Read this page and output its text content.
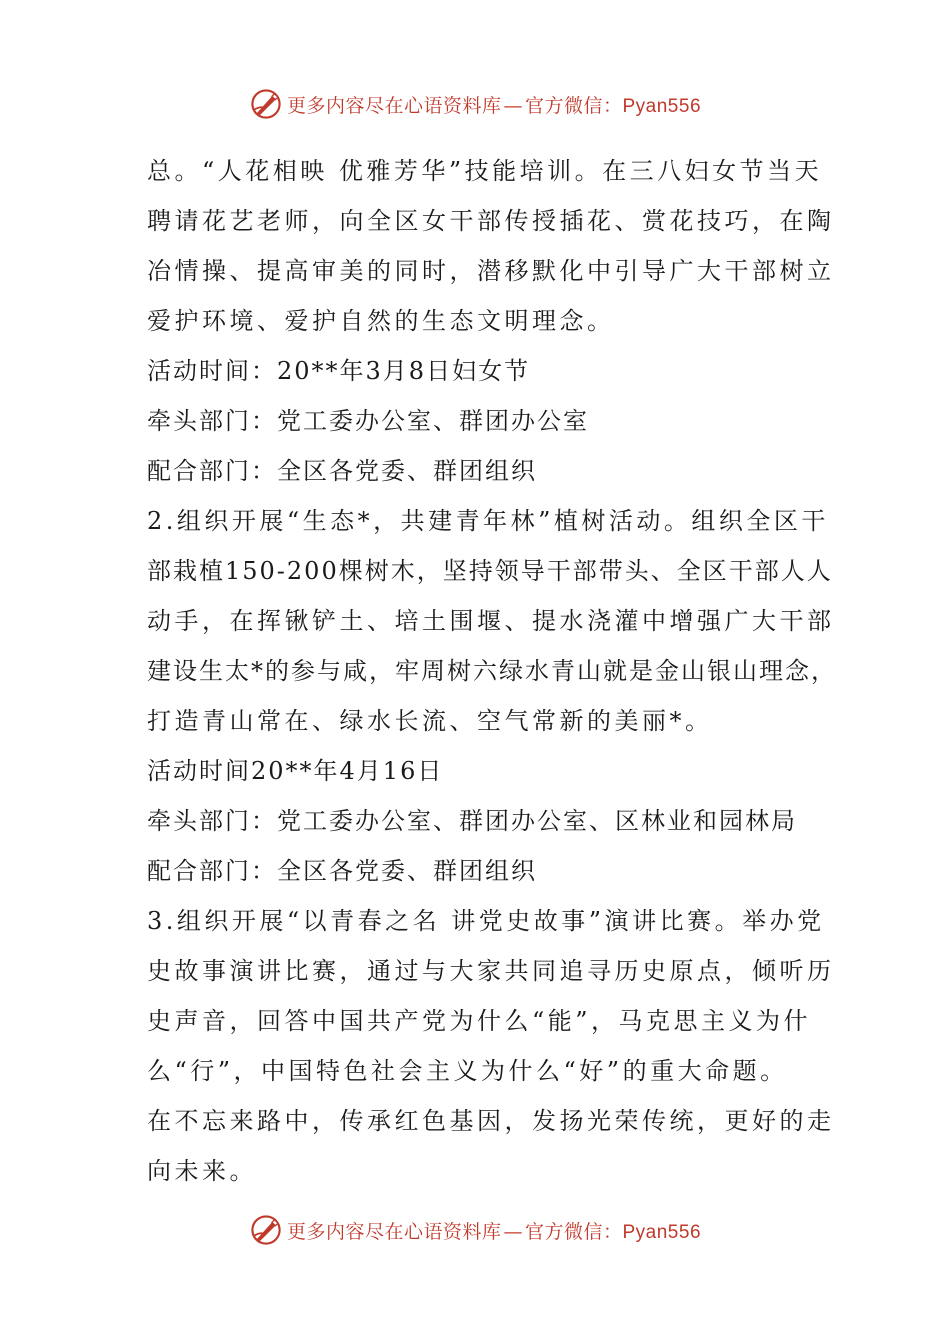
更多内容尽在心语资料库 — 官方微信：Pyan556
总。“人花相映 优雅芳华”技能培训。在三八妇女节当天
聘请花艺老师，向全区女干部传授插花、赏花技巧，在陶
冶情操、提高审美的同时，潜移默化中引导广大干部树立
爱护环境、爱护自然的生态文明理念。
活动时间：20**年3月8日妇女节
牵头部门：党工委办公室、群团办公室
配合部门：全区各党委、群团组织
2.组织开展“生态*，共建青年林”植树活动。组织全区干
部栽植150-200棵树木，坚持领导干部带头、全区干部人人
动手，在挥锹铲土、培土围堰、提水浇灌中增强广大干部
建设生太*的参与咸，牢周树六绿水青山就是金山银山理念，
打造青山常在、绿水长流、空气常新的美丽*。
活动时间20**年4月16日
牵头部门：党工委办公室、群团办公室、区林业和园林局
配合部门：全区各党委、群团组织
3.组织开展“以青春之名 讲党史故事”演讲比赛。举办党
史故事演讲比赛，通过与大家共同追寻历史原点，倾听历
史声音，回答中国共产党为什么“能”，马克思主义为什
么“行”，中国特色社会主义为什么“好”的重大命题。
在不忘来路中，传承红色基因，发扬光荣传统，更好的走
向未来。
更多内容尽在心语资料库 — 官方微信：Pyan556
